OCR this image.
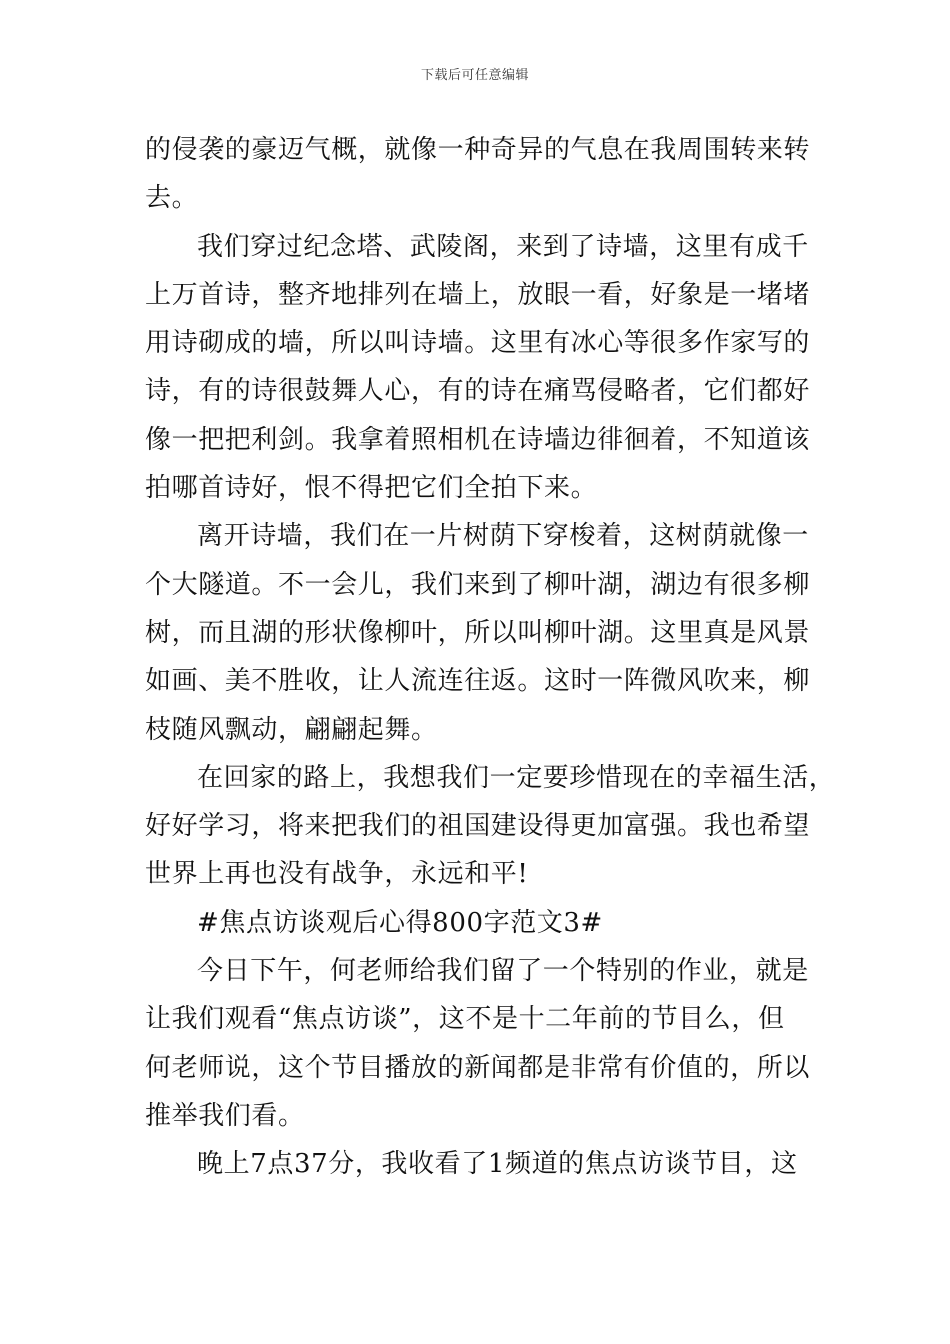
下载后可任意编辑
的侵袭的豪迈气概，就像一种奇异的气息在我周围转来转
去。
我们穿过纪念塔、武陵阁，来到了诗墙，这里有成千
上万首诗，整齐地排列在墙上，放眼一看，好象是一堵堵
用诗砌成的墙，所以叫诗墙。这里有冰心等很多作家写的
诗，有的诗很鼓舞人心，有的诗在痛骂侵略者，它们都好
像一把把利剑。我拿着照相机在诗墙边徘徊着，不知道该
拍哪首诗好，恨不得把它们全拍下来。
离开诗墙，我们在一片树荫下穿梭着，这树荫就像一
个大隧道。不一会儿，我们来到了柳叶湖，湖边有很多柳
树，而且湖的形状像柳叶，所以叫柳叶湖。这里真是风景
如画、美不胜收，让人流连往返。这时一阵微风吹来，柳
枝随风飘动，翩翩起舞。
在回家的路上，我想我们一定要珍惜现在的幸福生活，
好好学习，将来把我们的祖国建设得更加富强。我也希望
世界上再也没有战争，永远和平!
#焦点访谈观后心得800字范文3#
今日下午，何老师给我们留了一个特别的作业，就是
让我们观看“焦点访谈”，这不是十二年前的节目么，但
何老师说，这个节目播放的新闻都是非常有价值的，所以
推举我们看。
晚上7点37分，我收看了1频道的焦点访谈节目，这
